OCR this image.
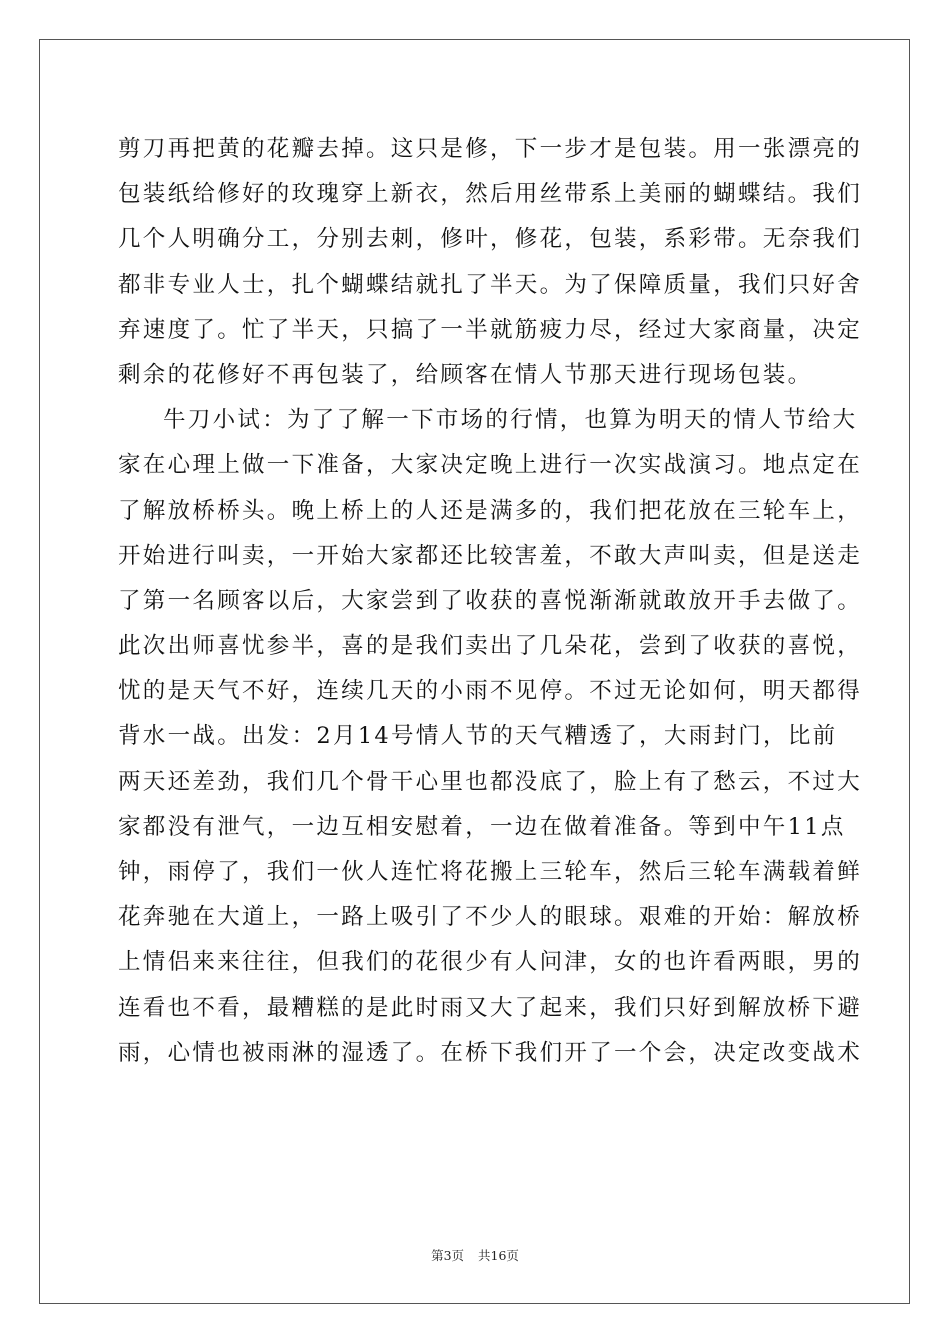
剪刀再把黄的花瓣去掉。这只是修，下一步才是包装。用一张漂亮的
包装纸给修好的玫瑰穿上新衣，然后用丝带系上美丽的蝴蝶结。我们
几个人明确分工，分别去刺，修叶，修花，包装，系彩带。无奈我们
都非专业人士，扎个蝴蝶结就扎了半天。为了保障质量，我们只好舍
弃速度了。忙了半天，只搞了一半就筋疲力尽，经过大家商量，决定
剩余的花修好不再包装了，给顾客在情人节那天进行现场包装。
牛刀小试：为了了解一下市场的行情，也算为明天的情人节给大
家在心理上做一下准备，大家决定晚上进行一次实战演习。地点定在
了解放桥桥头。晚上桥上的人还是满多的，我们把花放在三轮车上，
开始进行叫卖，一开始大家都还比较害羞，不敢大声叫卖，但是送走
了第一名顾客以后，大家尝到了收获的喜悦渐渐就敢放开手去做了。
此次出师喜忧参半，喜的是我们卖出了几朵花，尝到了收获的喜悦，
忧的是天气不好，连续几天的小雨不见停。不过无论如何，明天都得
背水一战。出发：2月14号情人节的天气糟透了，大雨封门，比前
两天还差劲，我们几个骨干心里也都没底了，脸上有了愁云，不过大
家都没有泄气，一边互相安慰着，一边在做着准备。等到中午11点
钟，雨停了，我们一伙人连忙将花搬上三轮车，然后三轮车满载着鲜
花奔驰在大道上，一路上吸引了不少人的眼球。艰难的开始：解放桥
上情侣来来往往，但我们的花很少有人问津，女的也许看两眼，男的
连看也不看，最糟糕的是此时雨又大了起来，我们只好到解放桥下避
雨，心情也被雨淋的湿透了。在桥下我们开了一个会，决定改变战术
第3页 共16页
